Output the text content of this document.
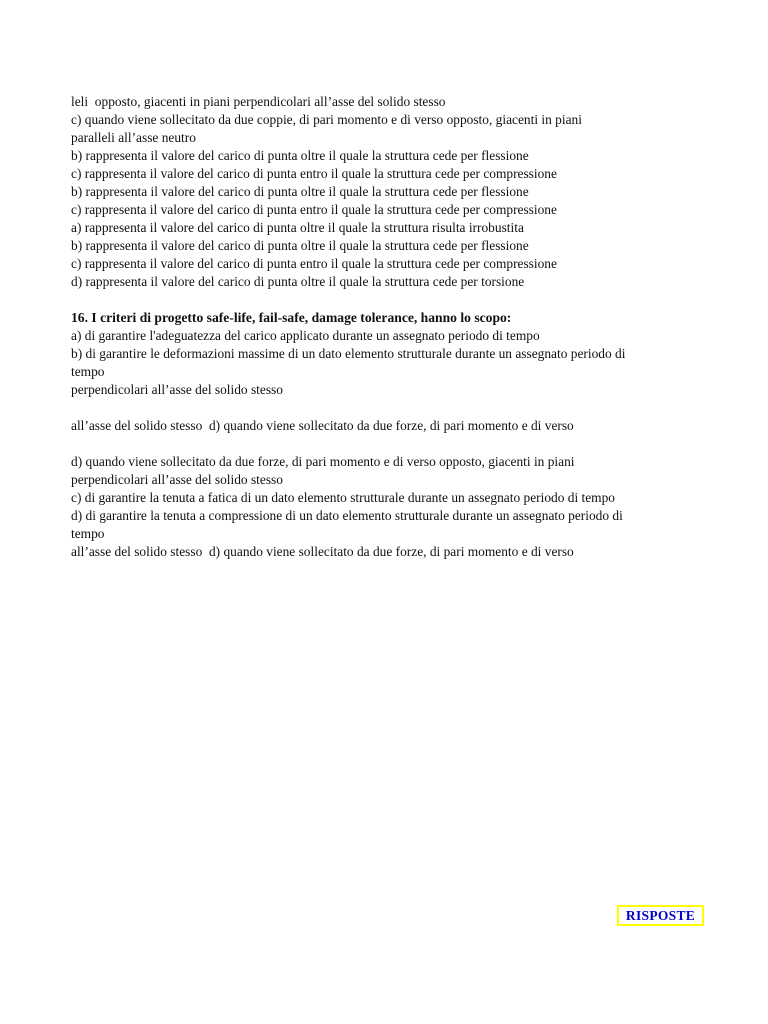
leli  opposto, giacenti in piani perpendicolari all’asse del solido stesso

c) quando viene sollecitato da due coppie, di pari momento e di verso opposto, giacenti in piani

paralleli all’asse neutro

b) rappresenta il valore del carico di punta oltre il quale la struttura cede per flessione

c) rappresenta il valore del carico di punta entro il quale la struttura cede per compressione

b) rappresenta il valore del carico di punta oltre il quale la struttura cede per flessione

c) rappresenta il valore del carico di punta entro il quale la struttura cede per compressione

a) rappresenta il valore del carico di punta oltre il quale la struttura risulta irrobustita

b) rappresenta il valore del carico di punta oltre il quale la struttura cede per flessione

c) rappresenta il valore del carico di punta entro il quale la struttura cede per compressione

d) rappresenta il valore del carico di punta oltre il quale la struttura cede per torsione

16. I criteri di progetto safe-life, fail-safe, damage tolerance, hanno lo scopo:

a) di garantire l'adeguatezza del carico applicato durante un assegnato periodo di tempo

b) di garantire le deformazioni massime di un dato elemento strutturale durante un assegnato periodo di

tempo

perpendicolari all’asse del solido stesso

all’asse del solido stesso  d) quando viene sollecitato da due forze, di pari momento e di verso

d) quando viene sollecitato da due forze, di pari momento e di verso opposto, giacenti in piani

perpendicolari all’asse del solido stesso

c) di garantire la tenuta a fatica di un dato elemento strutturale durante un assegnato periodo di tempo

d) di garantire la tenuta a compressione di un dato elemento strutturale durante un assegnato periodo di

tempo

all’asse del solido stesso  d) quando viene sollecitato da due forze, di pari momento e di verso

RISPOSTE
